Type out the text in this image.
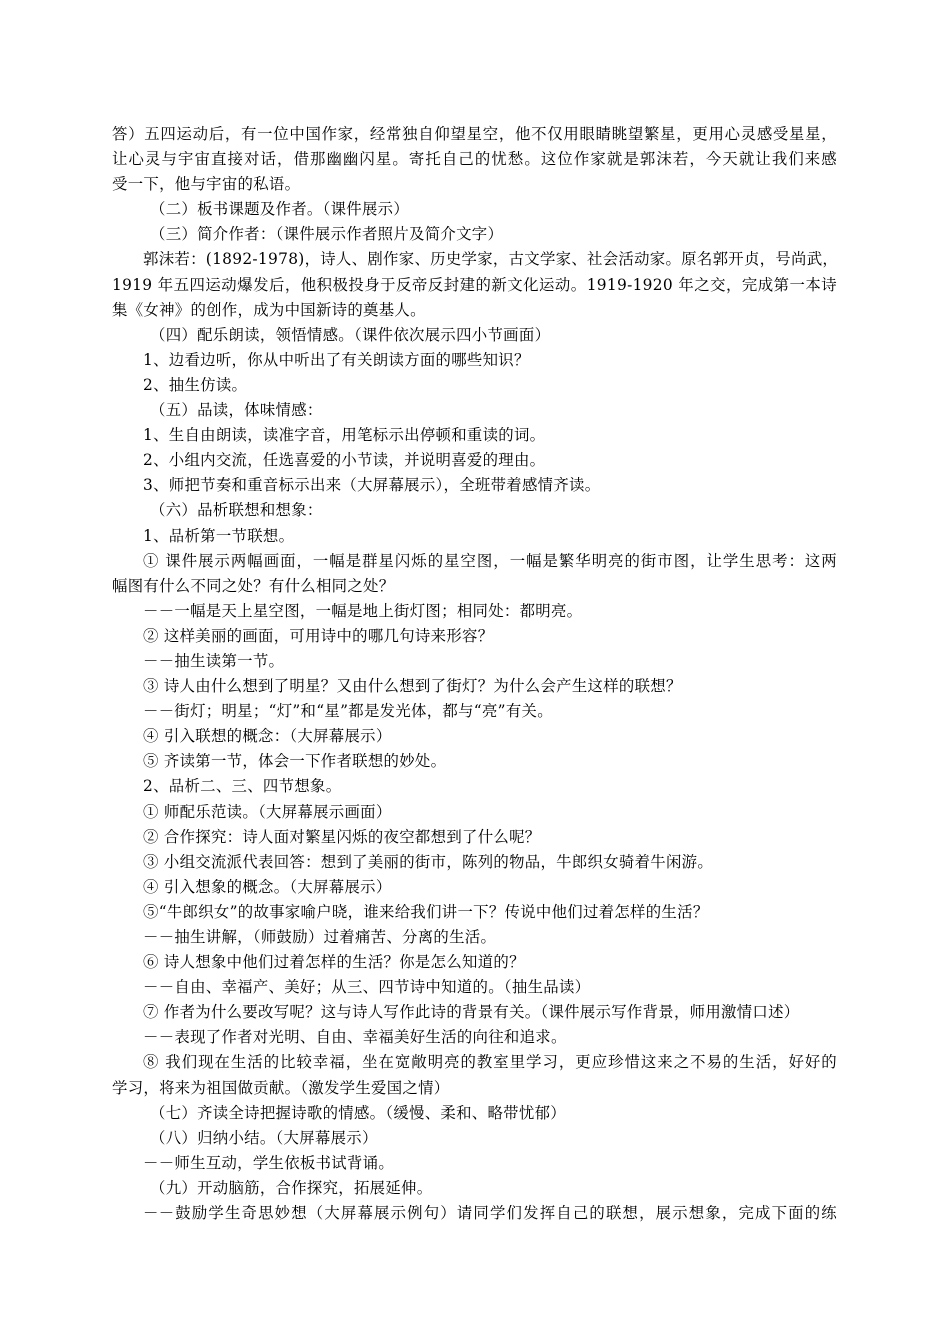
答）五四运动后，有一位中国作家，经常独自仰望星空，他不仅用眼睛眺望繁星，更用心灵感受星星，
让心灵与宇宙直接对话，借那幽幽闪星。寄托自己的忧愁。这位作家就是郭沫若，今天就让我们来感
受一下，他与宇宙的私语。
（二）板书课题及作者。（课件展示）
（三）简介作者：（课件展示作者照片及简介文字）
郭沫若：(1892-1978)，诗人、剧作家、历史学家，古文学家、社会活动家。原名郭开贞，号尚武，
1919 年五四运动爆发后，他积极投身于反帝反封建的新文化运动。1919-1920 年之交，完成第一本诗
集《女神》的创作，成为中国新诗的奠基人。
（四）配乐朗读，领悟情感。（课件依次展示四小节画面）
1、边看边听，你从中听出了有关朗读方面的哪些知识？
2、抽生仿读。
（五）品读，体味情感：
1、生自由朗读，读准字音，用笔标示出停顿和重读的词。
2、小组内交流，任选喜爱的小节读，并说明喜爱的理由。
3、师把节奏和重音标示出来（大屏幕展示），全班带着感情齐读。
（六）品析联想和想象：
1、品析第一节联想。
① 课件展示两幅画面，一幅是群星闪烁的星空图，一幅是繁华明亮的街市图，让学生思考：这两
幅图有什么不同之处？有什么相同之处？
－－一幅是天上星空图，一幅是地上街灯图；相同处：都明亮。
② 这样美丽的画面，可用诗中的哪几句诗来形容？
－－抽生读第一节。
③ 诗人由什么想到了明星？又由什么想到了街灯？为什么会产生这样的联想？
－－街灯；明星；“灯”和“星”都是发光体，都与“亮”有关。
④ 引入联想的概念：（大屏幕展示）
⑤ 齐读第一节，体会一下作者联想的妙处。
2、品析二、三、四节想象。
① 师配乐范读。（大屏幕展示画面）
② 合作探究：诗人面对繁星闪烁的夜空都想到了什么呢？
③ 小组交流派代表回答：想到了美丽的街市，陈列的物品，牛郎织女骑着牛闲游。
④ 引入想象的概念。（大屏幕展示）
⑤“牛郎织女”的故事家喻户晓，谁来给我们讲一下？传说中他们过着怎样的生活？
－－抽生讲解，（师鼓励）过着痛苦、分离的生活。
⑥ 诗人想象中他们过着怎样的生活？你是怎么知道的？
－－自由、幸福产、美好；从三、四节诗中知道的。（抽生品读）
⑦ 作者为什么要改写呢？这与诗人写作此诗的背景有关。（课件展示写作背景，师用激情口述）
－－表现了作者对光明、自由、幸福美好生活的向往和追求。
⑧ 我们现在生活的比较幸福，坐在宽敞明亮的教室里学习，更应珍惜这来之不易的生活，好好的
学习，将来为祖国做贡献。（激发学生爱国之情）
（七）齐读全诗把握诗歌的情感。（缓慢、柔和、略带忧郁）
（八）归纳小结。（大屏幕展示）
－－师生互动，学生依板书试背诵。
（九）开动脑筋，合作探究，拓展延伸。
－－鼓励学生奇思妙想（大屏幕展示例句）请同学们发挥自己的联想，展示想象，完成下面的练
